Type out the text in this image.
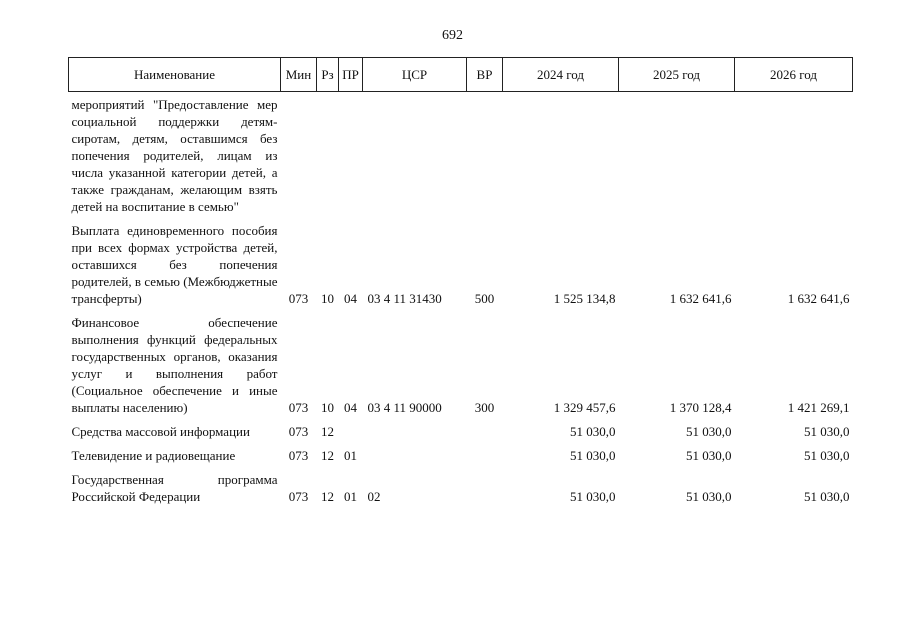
692
Наименование	Мин	Рз	ПР	ЦСР	ВР	2024 год	2025 год	2026 год
мероприятий "Предоставление мер социальной поддержки детям-сиротам, детям, оставшимся без попечения родителей, лицам из числа указанной категории детей, а также гражданам, желающим взять детей на воспитание в семью"								
Выплата единовременного пособия при всех формах устройства детей, оставшихся без попечения родителей, в семью (Межбюджетные трансферты)	073	10	04	03 4 11 31430	500	1 525 134,8	1 632 641,6	1 632 641,6
Финансовое обеспечение выполнения функций федеральных государственных органов, оказания услуг и выполнения работ (Социальное обеспечение и иные выплаты населению)	073	10	04	03 4 11 90000	300	1 329 457,6	1 370 128,4	1 421 269,1
Средства массовой информации	073	12				51 030,0	51 030,0	51 030,0
Телевидение и радиовещание	073	12	01			51 030,0	51 030,0	51 030,0
Государственная программа Российской Федерации	073	12	01	02		51 030,0	51 030,0	51 030,0
